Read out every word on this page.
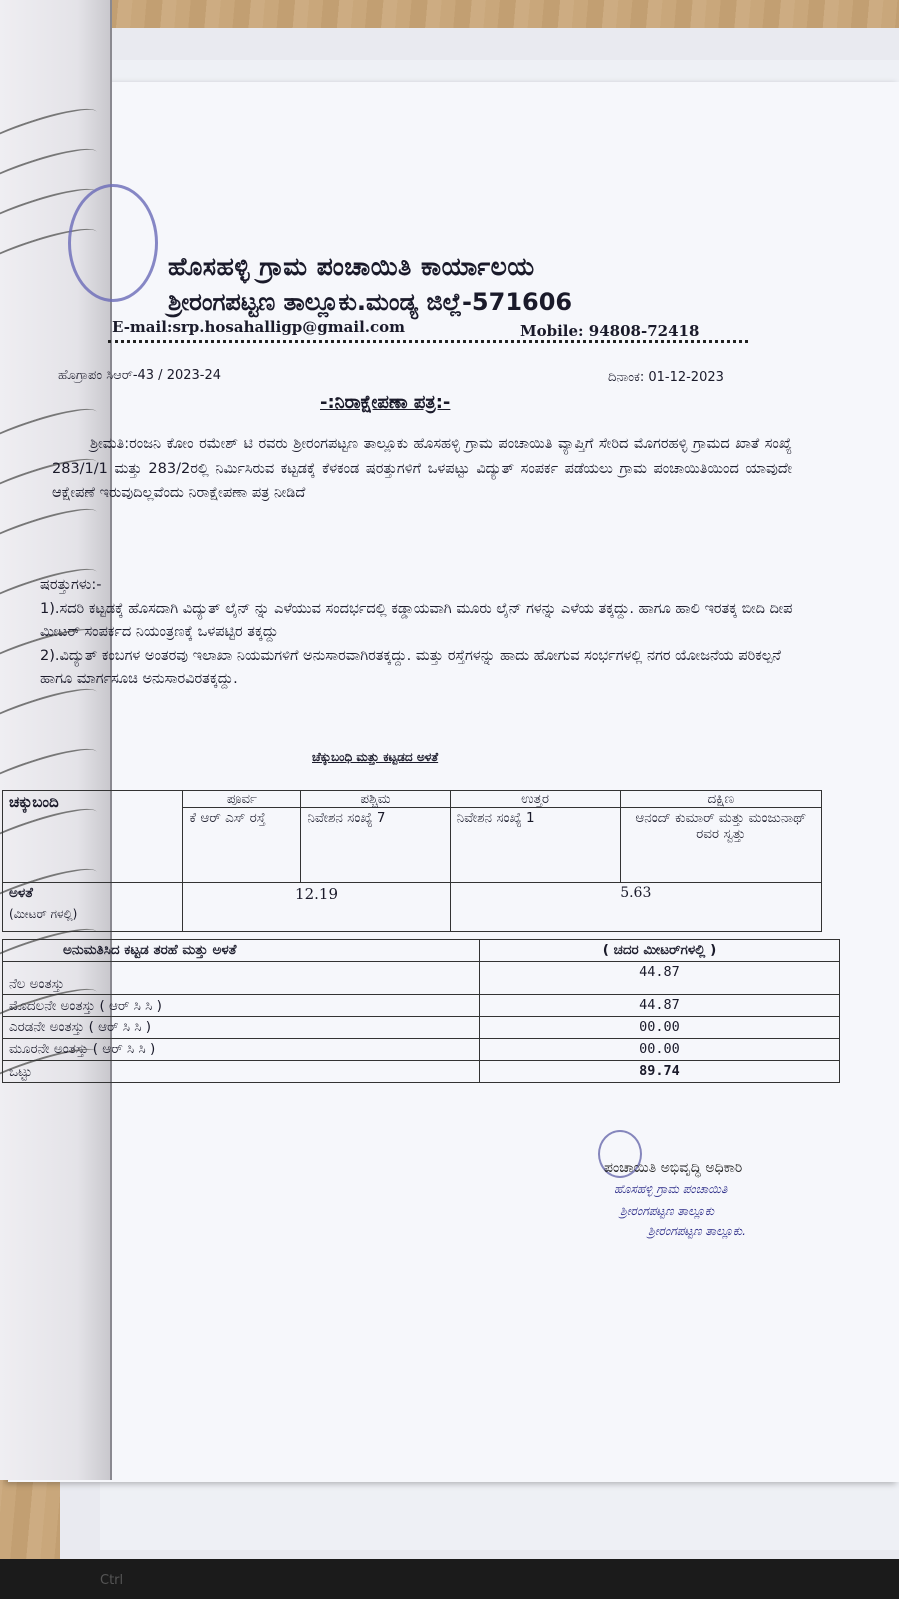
ಹೊಸಹಳ್ಳಿ ಗ್ರಾಮ ಪಂಚಾಯಿತಿ ಕಾರ್ಯಾಲಯ
ಶ್ರೀರಂಗಪಟ್ಟಣ ತಾಲ್ಲೂಕು.ಮಂಡ್ಯ ಜಿಲ್ಲೆ-571606
E-mail:srp.hosahalligp@gmail.com	Mobile: 94808-72418
ಹೊಗ್ರಾಪಂ ಸಿಆರ್-43 / 2023-24	ದಿನಾಂಕ: 01-12-2023
-:ನಿರಾಕ್ಷೇಪಣಾ ಪತ್ರ:-
ಶ್ರೀಮತಿ:ರಂಜನಿ ಕೋಂ ರಮೇಶ್ ಟಿ ರವರು ಶ್ರೀರಂಗಪಟ್ಟಣ ತಾಲ್ಲೂಕು ಹೊಸಹಳ್ಳಿ ಗ್ರಾಮ ಪಂಚಾಯಿತಿ ವ್ಯಾಪ್ತಿಗೆ ಸೇರಿದ ಮೊಗರಹಳ್ಳಿ ಗ್ರಾಮದ ಖಾತೆ ಸಂಖ್ಯೆ 283/1/1 ಮತ್ತು 283/2ರಲ್ಲಿ ನಿರ್ಮಿಸಿರುವ ಕಟ್ಟಡಕ್ಕೆ ಕೆಳಕಂಡ ಷರತ್ತುಗಳಿಗೆ ಒಳಪಟ್ಟು ವಿದ್ಯುತ್ ಸಂಪರ್ಕ ಪಡೆಯಲು ಗ್ರಾಮ ಪಂಚಾಯಿತಿಯಿಂದ ಯಾವುದೇ ಆಕ್ಷೇಪಣೆ ಇರುವುದಿಲ್ಲವೆಂದು ನಿರಾಕ್ಷೇಪಣಾ ಪತ್ರ ನೀಡಿದೆ

ಷರತ್ತುಗಳು:-

1).ಸದರಿ ಕಟ್ಟಡಕ್ಕೆ ಹೊಸದಾಗಿ ವಿದ್ಯುತ್ ಲೈನ್ ನ್ನು ಎಳೆಯುವ ಸಂದರ್ಭದಲ್ಲಿ ಕಡ್ಡಾಯವಾಗಿ ಮೂರು ಲೈನ್ ಗಳನ್ನು ಎಳೆಯ ತಕ್ಕದ್ದು. ಹಾಗೂ ಹಾಲಿ ಇರತಕ್ಕ ಬೀದಿ ದೀಪ ಮೀಟರ್ ಸಂಪರ್ಕದ ನಿಯಂತ್ರಣಕ್ಕೆ ಒಳಪಟ್ಟಿರ ತಕ್ಕದ್ದು

2).ವಿದ್ಯುತ್ ಕಂಬಗಳ ಅಂತರವು ಇಲಾಖಾ ನಿಯಮಗಳಿಗೆ ಅನುಸಾರವಾಗಿರತಕ್ಕದ್ದು. ಮತ್ತು ರಸ್ತೆಗಳನ್ನು ಹಾದು ಹೋಗುವ ಸಂರ್ಭಗಳಲ್ಲಿ ನಗರ ಯೋಜನೆಯ ಪರಿಕಲ್ಪನೆ ಹಾಗೂ ಮಾರ್ಗಸೂಚಿ ಅನುಸಾರವಿರತಕ್ಕದ್ದು.

ಚೆಕ್ಕುಬಂಧಿ ಮತ್ತು ಕಟ್ಟಡದ ಅಳತೆ
ಚಕ್ಕುಬಂದಿ	ಪೂರ್ವ	ಪಶ್ಚಿಮ	ಉತ್ತರ	ದಕ್ಷಿಣ
	ಕೆ ಆರ್ ಎಸ್ ರಸ್ತೆ	ನಿವೇಶನ ಸಂಖ್ಯೆ 7	ನಿವೇಶನ ಸಂಖ್ಯೆ 1	ಆನಂದ್ ಕುಮಾರ್ ಮತ್ತು ಮಂಜುನಾಥ್ ರವರ ಸ್ವತ್ತು

ಅಳತೆ
(ಮೀಟರ್ ಗಳಲ್ಲಿ)	12.19		5.63	
ಅನುಮತಿಸಿದ ಕಟ್ಟಡ ತರಹೆ ಮತ್ತು ಅಳತೆ	( ಚದರ ಮೀಟರ್‌ಗಳಲ್ಲಿ )
ನೆಲ ಅಂತಸ್ತು	44.87
ಮೊದಲನೇ ಅಂತಸ್ತು ( ಆರ್ ಸಿ ಸಿ )	44.87
ಎರಡನೇ ಅಂತಸ್ತು ( ಆರ್ ಸಿ ಸಿ )	00.00
ಮೂರನೇ ಅಂತಸ್ತು ( ಆರ್ ಸಿ ಸಿ )	00.00
ಒಟ್ಟು	89.74
ಪಂಚಾಯಿತಿ ಅಭಿವೃದ್ಧಿ ಅಧಿಕಾರಿ
ಹೊಸಹಳ್ಳಿ ಗ್ರಾಮ ಪಂಚಾಯಿತಿ
ಶ್ರೀರಂಗಪಟ್ಟಣ ತಾಲ್ಲೂಕು
ಶ್ರೀರಂಗಪಟ್ಟಣ ತಾಲ್ಲೂಕು.
Ctrl
